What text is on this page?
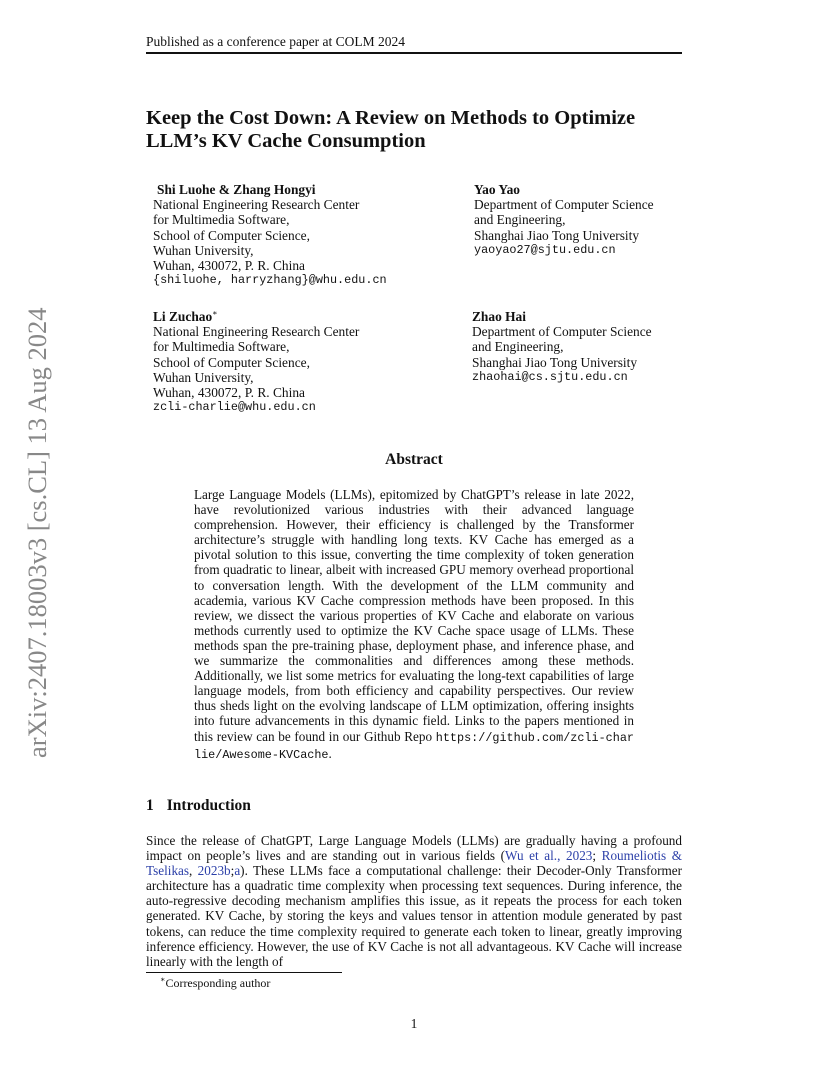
Published as a conference paper at COLM 2024
Keep the Cost Down: A Review on Methods to Optimize
LLM’s KV Cache Consumption
Shi Luohe & Zhang Hongyi
National Engineering Research Center
for Multimedia Software,
School of Computer Science,
Wuhan University,
Wuhan, 430072, P. R. China
{shiluohe, harryzhang}@whu.edu.cn
Yao Yao
Department of Computer Science
and Engineering,
Shanghai Jiao Tong University
yaoyao27@sjtu.edu.cn
Li Zuchao∗
National Engineering Research Center
for Multimedia Software,
School of Computer Science,
Wuhan University,
Wuhan, 430072, P. R. China
zcli-charlie@whu.edu.cn
Zhao Hai
Department of Computer Science
and Engineering,
Shanghai Jiao Tong University
zhaohai@cs.sjtu.edu.cn
arXiv:2407.18003v3 [cs.CL] 13 Aug 2024	Abstract

Large Language Models (LLMs), epitomized by ChatGPT’s release in late 2022, have revolutionized various industries with their advanced language comprehension. However, their efficiency is challenged by the Transformer architecture’s struggle with handling long texts. KV Cache has emerged as a pivotal solution to this issue, converting the time complexity of token generation from quadratic to linear, albeit with increased GPU memory overhead proportional to conversation length. With the development of the LLM community and academia, various KV Cache compression methods have been proposed. In this review, we dissect the various properties of KV Cache and elaborate on various methods currently used to optimize the KV Cache space usage of LLMs. These methods span the pre-training phase, deployment phase, and inference phase, and we summarize the commonalities and differences among these methods. Additionally, we list some metrics for evaluating the long-text capabilities of large language models, from both efficiency and capability perspectives. Our review thus sheds light on the evolving landscape of LLM optimization, offering insights into future advancements in this dynamic field. Links to the papers mentioned in this review can be found in our Github Repo https://github.com/zcli-charlie/Awesome-KVCache.

1 Introduction

Since the release of ChatGPT, Large Language Models (LLMs) are gradually having a profound impact on people’s lives and are standing out in various fields (Wu et al., 2023; Roumeliotis & Tselikas, 2023b;a). These LLMs face a computational challenge: their Decoder-Only Transformer architecture has a quadratic time complexity when processing text sequences. During inference, the auto-regressive decoding mechanism amplifies this issue, as it repeats the process for each token generated. KV Cache, by storing the keys and values tensor in attention module generated by past tokens, can reduce the time complexity required to generate each token to linear, greatly improving inference efficiency. However, the use of KV Cache is not all advantageous. KV Cache will increase linearly with the length of

∗Corresponding author
1
